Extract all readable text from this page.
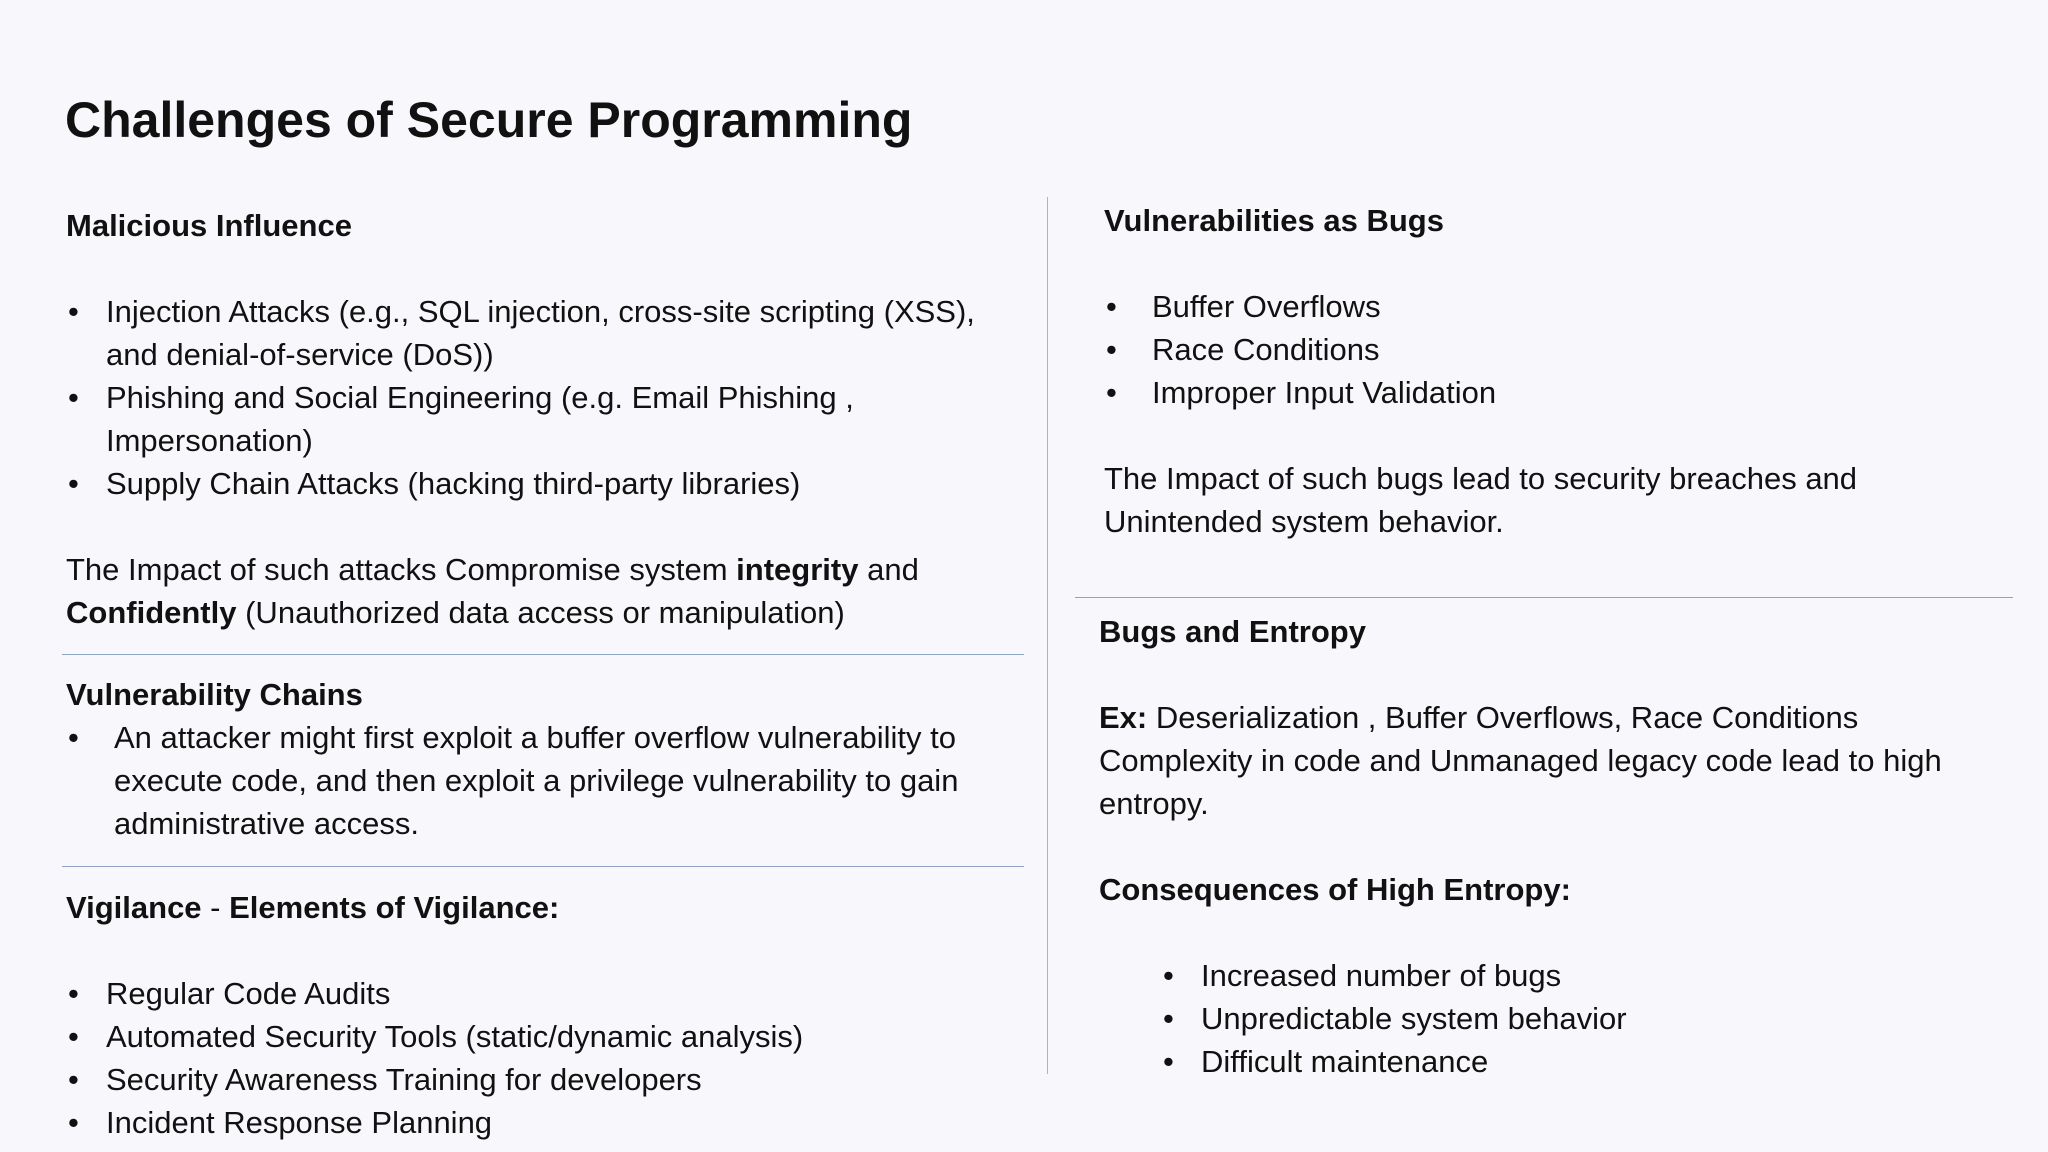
Challenges of Secure Programming
Malicious Influence
• Injection Attacks (e.g., SQL injection, cross-site scripting (XSS), and denial-of-service (DoS))
• Phishing and Social Engineering (e.g. Email Phishing , Impersonation)
• Supply Chain Attacks (hacking third-party libraries)

The Impact of such attacks Compromise system integrity and Confidently (Unauthorized data access or manipulation)

Vulnerability Chains
• An attacker might first exploit a buffer overflow vulnerability to execute code, and then exploit a privilege vulnerability to gain administrative access.
Vigilance - Elements of Vigilance:
• Regular Code Audits
• Automated Security Tools (static/dynamic analysis)
• Security Awareness Training for developers
• Incident Response Planning
Vulnerabilities as Bugs
• Buffer Overflows
• Race Conditions
• Improper Input Validation

The Impact of such bugs lead to security breaches and Unintended system behavior.

Bugs and Entropy

Ex: Deserialization , Buffer Overflows, Race Conditions

Complexity in code and Unmanaged legacy code lead to high entropy.

Consequences of High Entropy:
• Increased number of bugs
• Unpredictable system behavior
• Difficult maintenance
